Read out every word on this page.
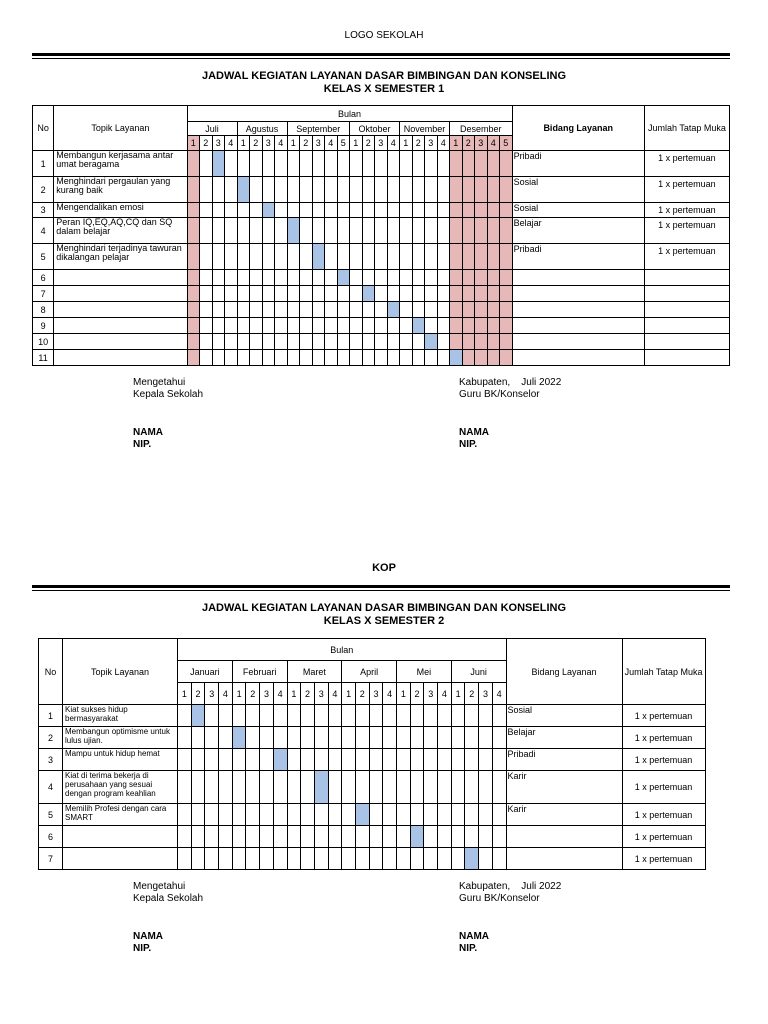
LOGO SEKOLAH
JADWAL KEGIATAN LAYANAN DASAR BIMBINGAN DAN KONSELING
KELAS X SEMESTER 1
No	Topik Layanan	Bulan																										Bidang Layanan	Jumlah Tatap Muka
		Juli				Agustus				September					Oktober				November				Desember						
		1	2	3	4	1	2	3	4	1	2	3	4	5	1	2	3	4	1	2	3	4	1	2	3	4	5		
1	Membangun kerjasama antar umat beragama																											Pribadi	1 x pertemuan
2	Menghindari pergaulan yang kurang baik																											Sosial	1 x pertemuan
3	Mengendalikan emosi																											Sosial	1 x pertemuan
4	Peran IQ,EQ,AQ,CQ dan SQ dalam belajar																											Belajar	1 x pertemuan
5	Menghindari terjadinya tawuran dikalangan pelajar																											Pribadi	1 x pertemuan
6																													
7																													
8																													
9																													
10																													
11																													
Mengetahui
Kepala Sekolah
NAMA
NIP.
Kabupaten,    Juli 2022
Guru BK/Konselor
NAMA
NIP.
KOP
JADWAL KEGIATAN LAYANAN DASAR BIMBINGAN DAN KONSELING
KELAS X SEMESTER 2
No	Topik Layanan	Bulan																								Bidang Layanan	Jumlah Tatap Muka
		Januari				Februari				Maret				April				Mei				Juni					
		1	2	3	4	1	2	3	4	1	2	3	4	1	2	3	4	1	2	3	4	1	2	3	4		
1	Kiat sukses hidup bermasyarakat																									Sosial	1 x pertemuan
2	Membangun optimisme untuk lulus ujian.																									Belajar	1 x pertemuan
3	Mampu untuk hidup hemat																									Pribadi	1 x pertemuan
4	Kiat di terima bekerja di perusahaan yang sesuai dengan program keahlian																									Karir	1 x pertemuan
5	Memilih Profesi dengan cara SMART																									Karir	1 x pertemuan
6																											1 x pertemuan
7																											1 x pertemuan
Mengetahui
Kepala Sekolah
NAMA
NIP.
Kabupaten,    Juli 2022
Guru BK/Konselor
NAMA
NIP.
